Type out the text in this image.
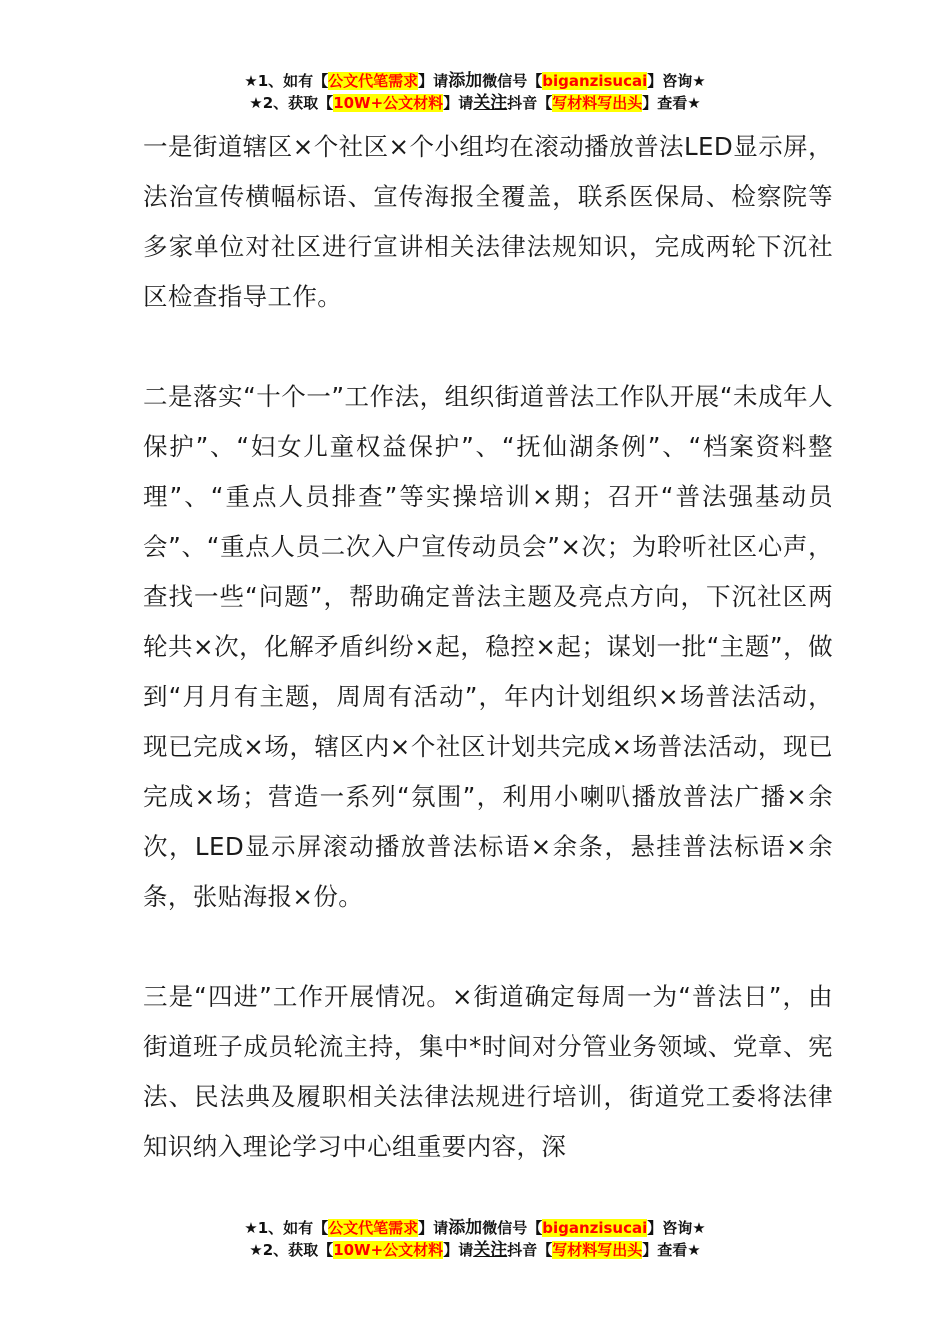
★1、如有【公文代笔需求】请添加微信号【biganzisucai】咨询★
★2、获取【10W+公文材料】请关注抖音【写材料写出头】查看★

一是街道辖区×个社区×个小组均在滚动播放普法LED显示屏，法治宣传横幅标语、宣传海报全覆盖，联系医保局、检察院等多家单位对社区进行宣讲相关法律法规知识，完成两轮下沉社区检查指导工作。

二是落实“十个一”工作法，组织街道普法工作队开展“未成年人保护”、“妇女儿童权益保护”、“抚仙湖条例”、“档案资料整理”、“重点人员排查”等实操培训×期；召开“普法强基动员会”、“重点人员二次入户宣传动员会”×次；为聆听社区心声，查找一些“问题”，帮助确定普法主题及亮点方向，下沉社区两轮共×次，化解矛盾纠纷×起，稳控×起；谋划一批“主题”，做到“月月有主题，周周有活动”，年内计划组织×场普法活动，现已完成×场，辖区内×个社区计划共完成×场普法活动，现已完成×场；营造一系列“氛围”，利用小喇叭播放普法广播×余次，LED显示屏滚动播放普法标语×余条，悬挂普法标语×余条，张贴海报×份。

三是“四进”工作开展情况。×街道确定每周一为“普法日”，由街道班子成员轮流主持，集中*时间对分管业务领域、党章、宪法、民法典及履职相关法律法规进行培训，街道党工委将法律知识纳入理论学习中心组重要内容，深

★1、如有【公文代笔需求】请添加微信号【biganzisucai】咨询★
★2、获取【10W+公文材料】请关注抖音【写材料写出头】查看★
